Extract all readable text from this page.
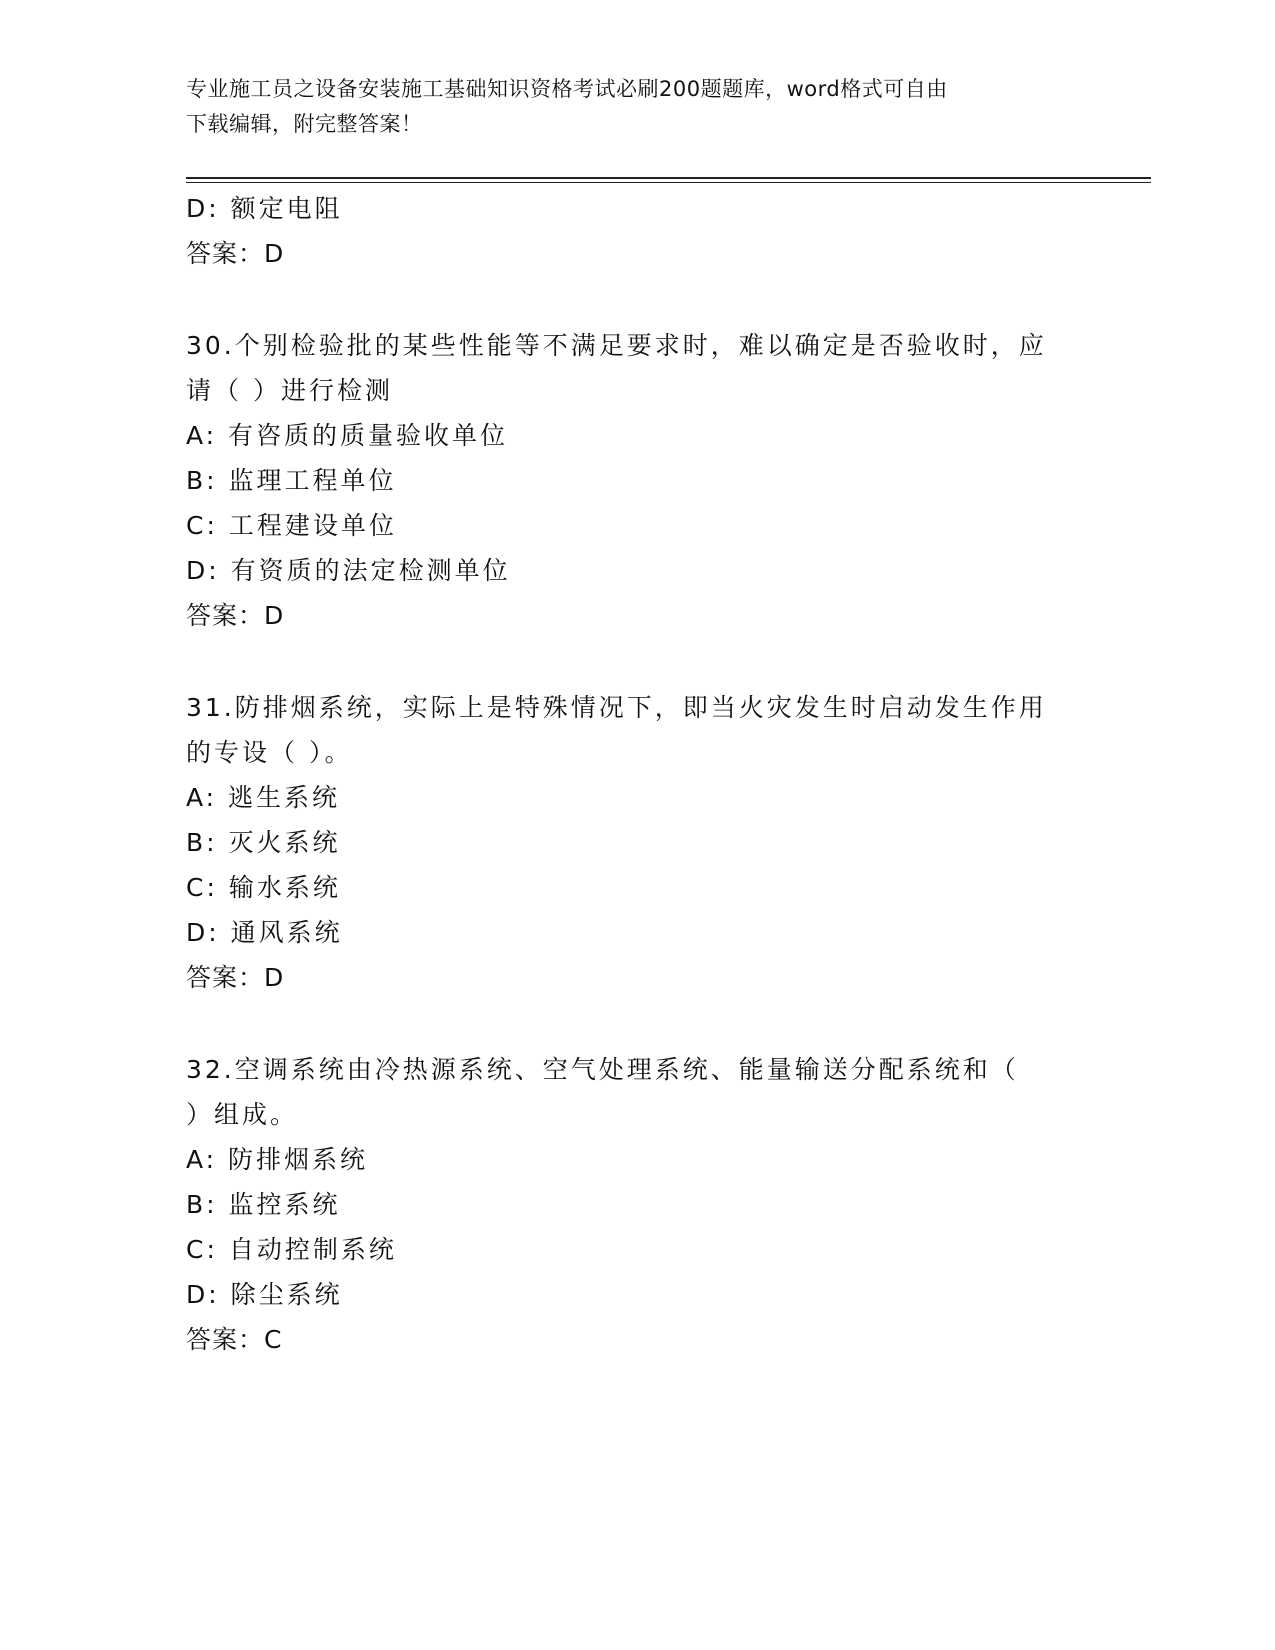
专业施工员之设备安装施工基础知识资格考试必刷200题题库，word格式可自由
下载编辑，附完整答案！
D: 额定电阻
答案：D
30.个别检验批的某些性能等不满足要求时，难以确定是否验收时，应
请（ ）进行检测
A: 有咨质的质量验收单位
B: 监理工程单位
C: 工程建设单位
D: 有资质的法定检测单位
答案：D
31.防排烟系统，实际上是特殊情况下，即当火灾发生时启动发生作用
的专设（ ）。
A: 逃生系统
B: 灭火系统
C: 输水系统
D: 通风系统
答案：D
32.空调系统由冷热源系统、空气处理系统、能量输送分配系统和（
）组成。
A: 防排烟系统
B: 监控系统
C: 自动控制系统
D: 除尘系统
答案：C
